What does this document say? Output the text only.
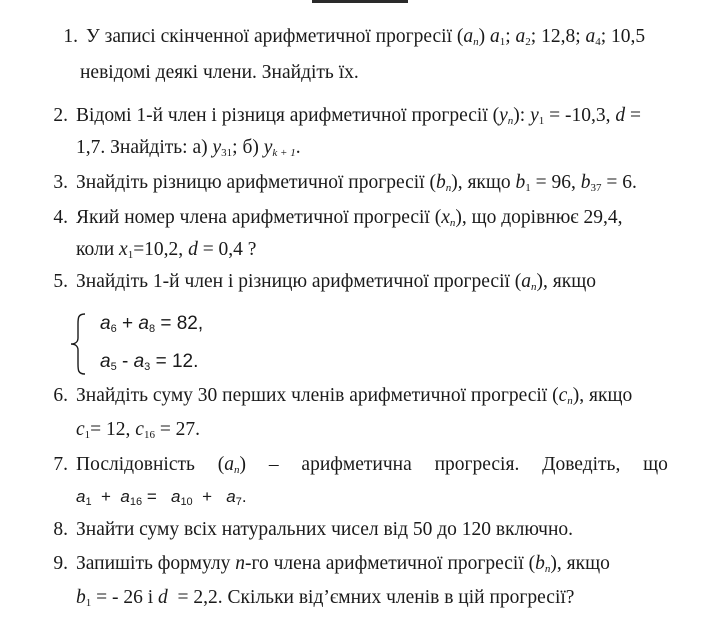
1. У записі скінченної арифметичної прогресії $(a_n)$ $a_1$; $a_2$; 12,8; $a_4$; 10,5
невідомі деякі члени. Знайдіть їх.
2. Відомі 1-й член і різниця арифметичної прогресії $(y_n)$: $y_1 = -10,3$, d =
1,7. Знайдіть: а) $y_{31}$; б) $y_{k + 1}$.
3. Знайдіть різницю арифметичної прогресії $(b_n)$, якщо $b_1 = 96$, $b_{37} = 6$.
4. Який номер члена арифметичної прогресії $(x_n)$, що дорівнює 29,4,
коли $x_1=10,2$, d = 0,4 ?
5. Знайдіть 1-й член і різницю арифметичної прогресії $(a_n)$, якщо
$a_6 + a_8 = 82$,
$a_5 - a_3 = 12$.
6. Знайдіть суму 30 перших членів арифметичної прогресії $(c_n)$, якщо
$c_1= 12$, $c_{16} = 27$.
7. Послідовність $(a_n)$ – арифметична прогресія. Доведіть, що
$a_1 + a_{16} = a_{10} + a_7$.
8. Знайти суму всіх натуральних чисел від 50 до 120 включно.
9. Запишіть формулу n-го члена арифметичної прогресії $(b_n)$, якщо
$b_1$ = - 26 і d  = 2,2. Скільки від’ємних членів в цій прогресії?
